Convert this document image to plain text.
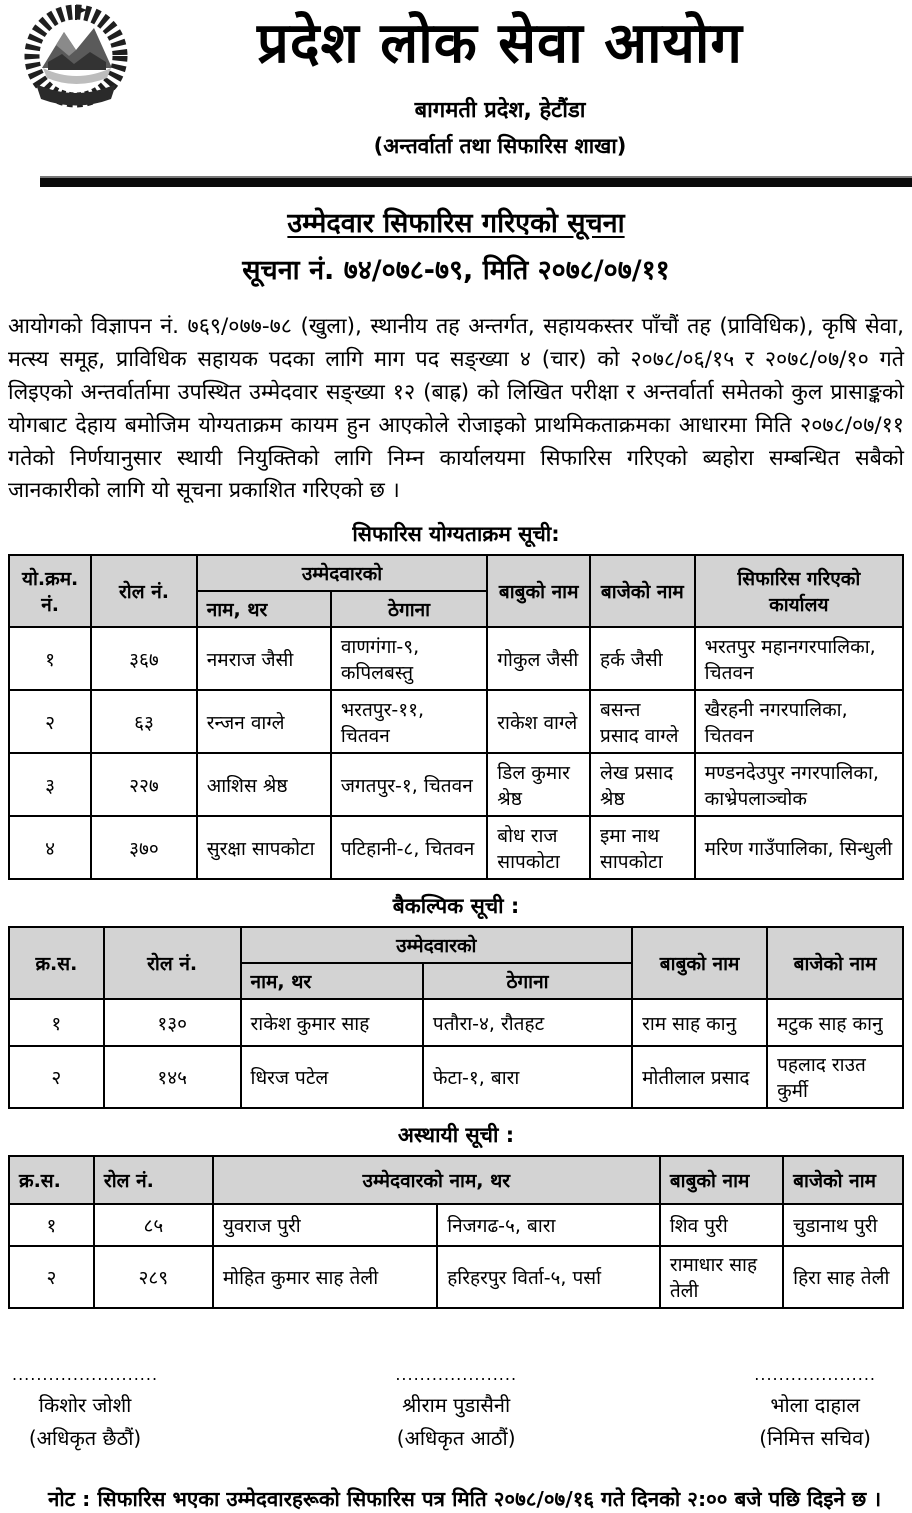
प्रदेश लोक सेवा आयोग
बागमती प्रदेश, हेटौंडा
(अन्तर्वार्ता तथा सिफारिस शाखा)
उम्मेदवार सिफारिस गरिएको सूचना
सूचना नं. ७४/०७८-७९, मिति २०७८/०७/११
आयोगको विज्ञापन नं. ७६९/०७७-७८ (खुला), स्थानीय तह अन्तर्गत, सहायकस्तर पाँचौं तह (प्राविधिक), कृषि सेवा, मत्स्य समूह, प्राविधिक सहायक पदका लागि माग पद सङ्ख्या ४ (चार) को २०७८/०६/१५ र २०७८/०७/१० गते लिइएको अन्तर्वार्तामा उपस्थित उम्मेदवार सङ्ख्या १२ (बाह्र) को लिखित परीक्षा र अन्तर्वार्ता समेतको कुल प्रासाङ्कको योगबाट देहाय बमोजिम योग्यताक्रम कायम हुन आएकोले रोजाइको प्राथमिकताक्रमका आधारमा मिति २०७८/०७/११ गतेको निर्णयानुसार स्थायी नियुक्तिको लागि निम्न कार्यालयमा सिफारिस गरिएको ब्यहोरा सम्बन्धित सबैको जानकारीको लागि यो सूचना प्रकाशित गरिएको छ ।
सिफारिस योग्यताक्रम सूची:
यो.क्रम. नं.	रोल नं.	उम्मेदवारको		बाबुको नाम	बाजेको नाम	सिफारिस गरिएको कार्यालय
		नाम, थर	ठेगाना			
१	३६७	नमराज जैसी	वाणगंगा-९, कपिलबस्तु	गोकुल जैसी	हर्क जैसी	भरतपुर महानगरपालिका, चितवन
२	६३	रन्जन वाग्ले	भरतपुर-११, चितवन	राकेश वाग्ले	बसन्त प्रसाद वाग्ले	खैरहनी नगरपालिका, चितवन
३	२२७	आशिस श्रेष्ठ	जगतपुर-१, चितवन	डिल कुमार श्रेष्ठ	लेख प्रसाद श्रेष्ठ	मण्डनदेउपुर नगरपालिका, काभ्रेपलाञ्चोक
४	३७०	सुरक्षा सापकोटा	पटिहानी-८, चितवन	बोध राज सापकोटा	इमा नाथ सापकोटा	मरिण गाउँपालिका, सिन्धुली
बैकल्पिक सूची :
क्र.स.	रोल नं.	उम्मेदवारको		बाबुको नाम	बाजेको नाम
		नाम, थर	ठेगाना		
१	१३०	राकेश कुमार साह	पतौरा-४, रौतहट	राम साह कानु	मटुक साह कानु
२	१४५	धिरज पटेल	फेटा-१, बारा	मोतीलाल प्रसाद	पहलाद राउत कुर्मी
अस्थायी सूची :
क्र.स.	रोल नं.	उम्मेदवारको नाम, थर		बाबुको नाम	बाजेको नाम
१	८५	युवराज पुरी	निजगढ-५, बारा	शिव पुरी	चुडानाथ पुरी
२	२८९	मोहित कुमार साह तेली	हरिहरपुर विर्ता-५, पर्सा	रामाधार साह तेली	हिरा साह तेली
........................
किशोर जोशी
(अधिकृत छैठौं)
....................
श्रीराम पुडासैनी
(अधिकृत आठौं)
....................
भोला दाहाल
(निमित्त सचिव)
नोट : सिफारिस भएका उम्मेदवारहरूको सिफारिस पत्र मिति २०७८/०७/१६ गते दिनको २:०० बजे पछि दिइने छ ।
